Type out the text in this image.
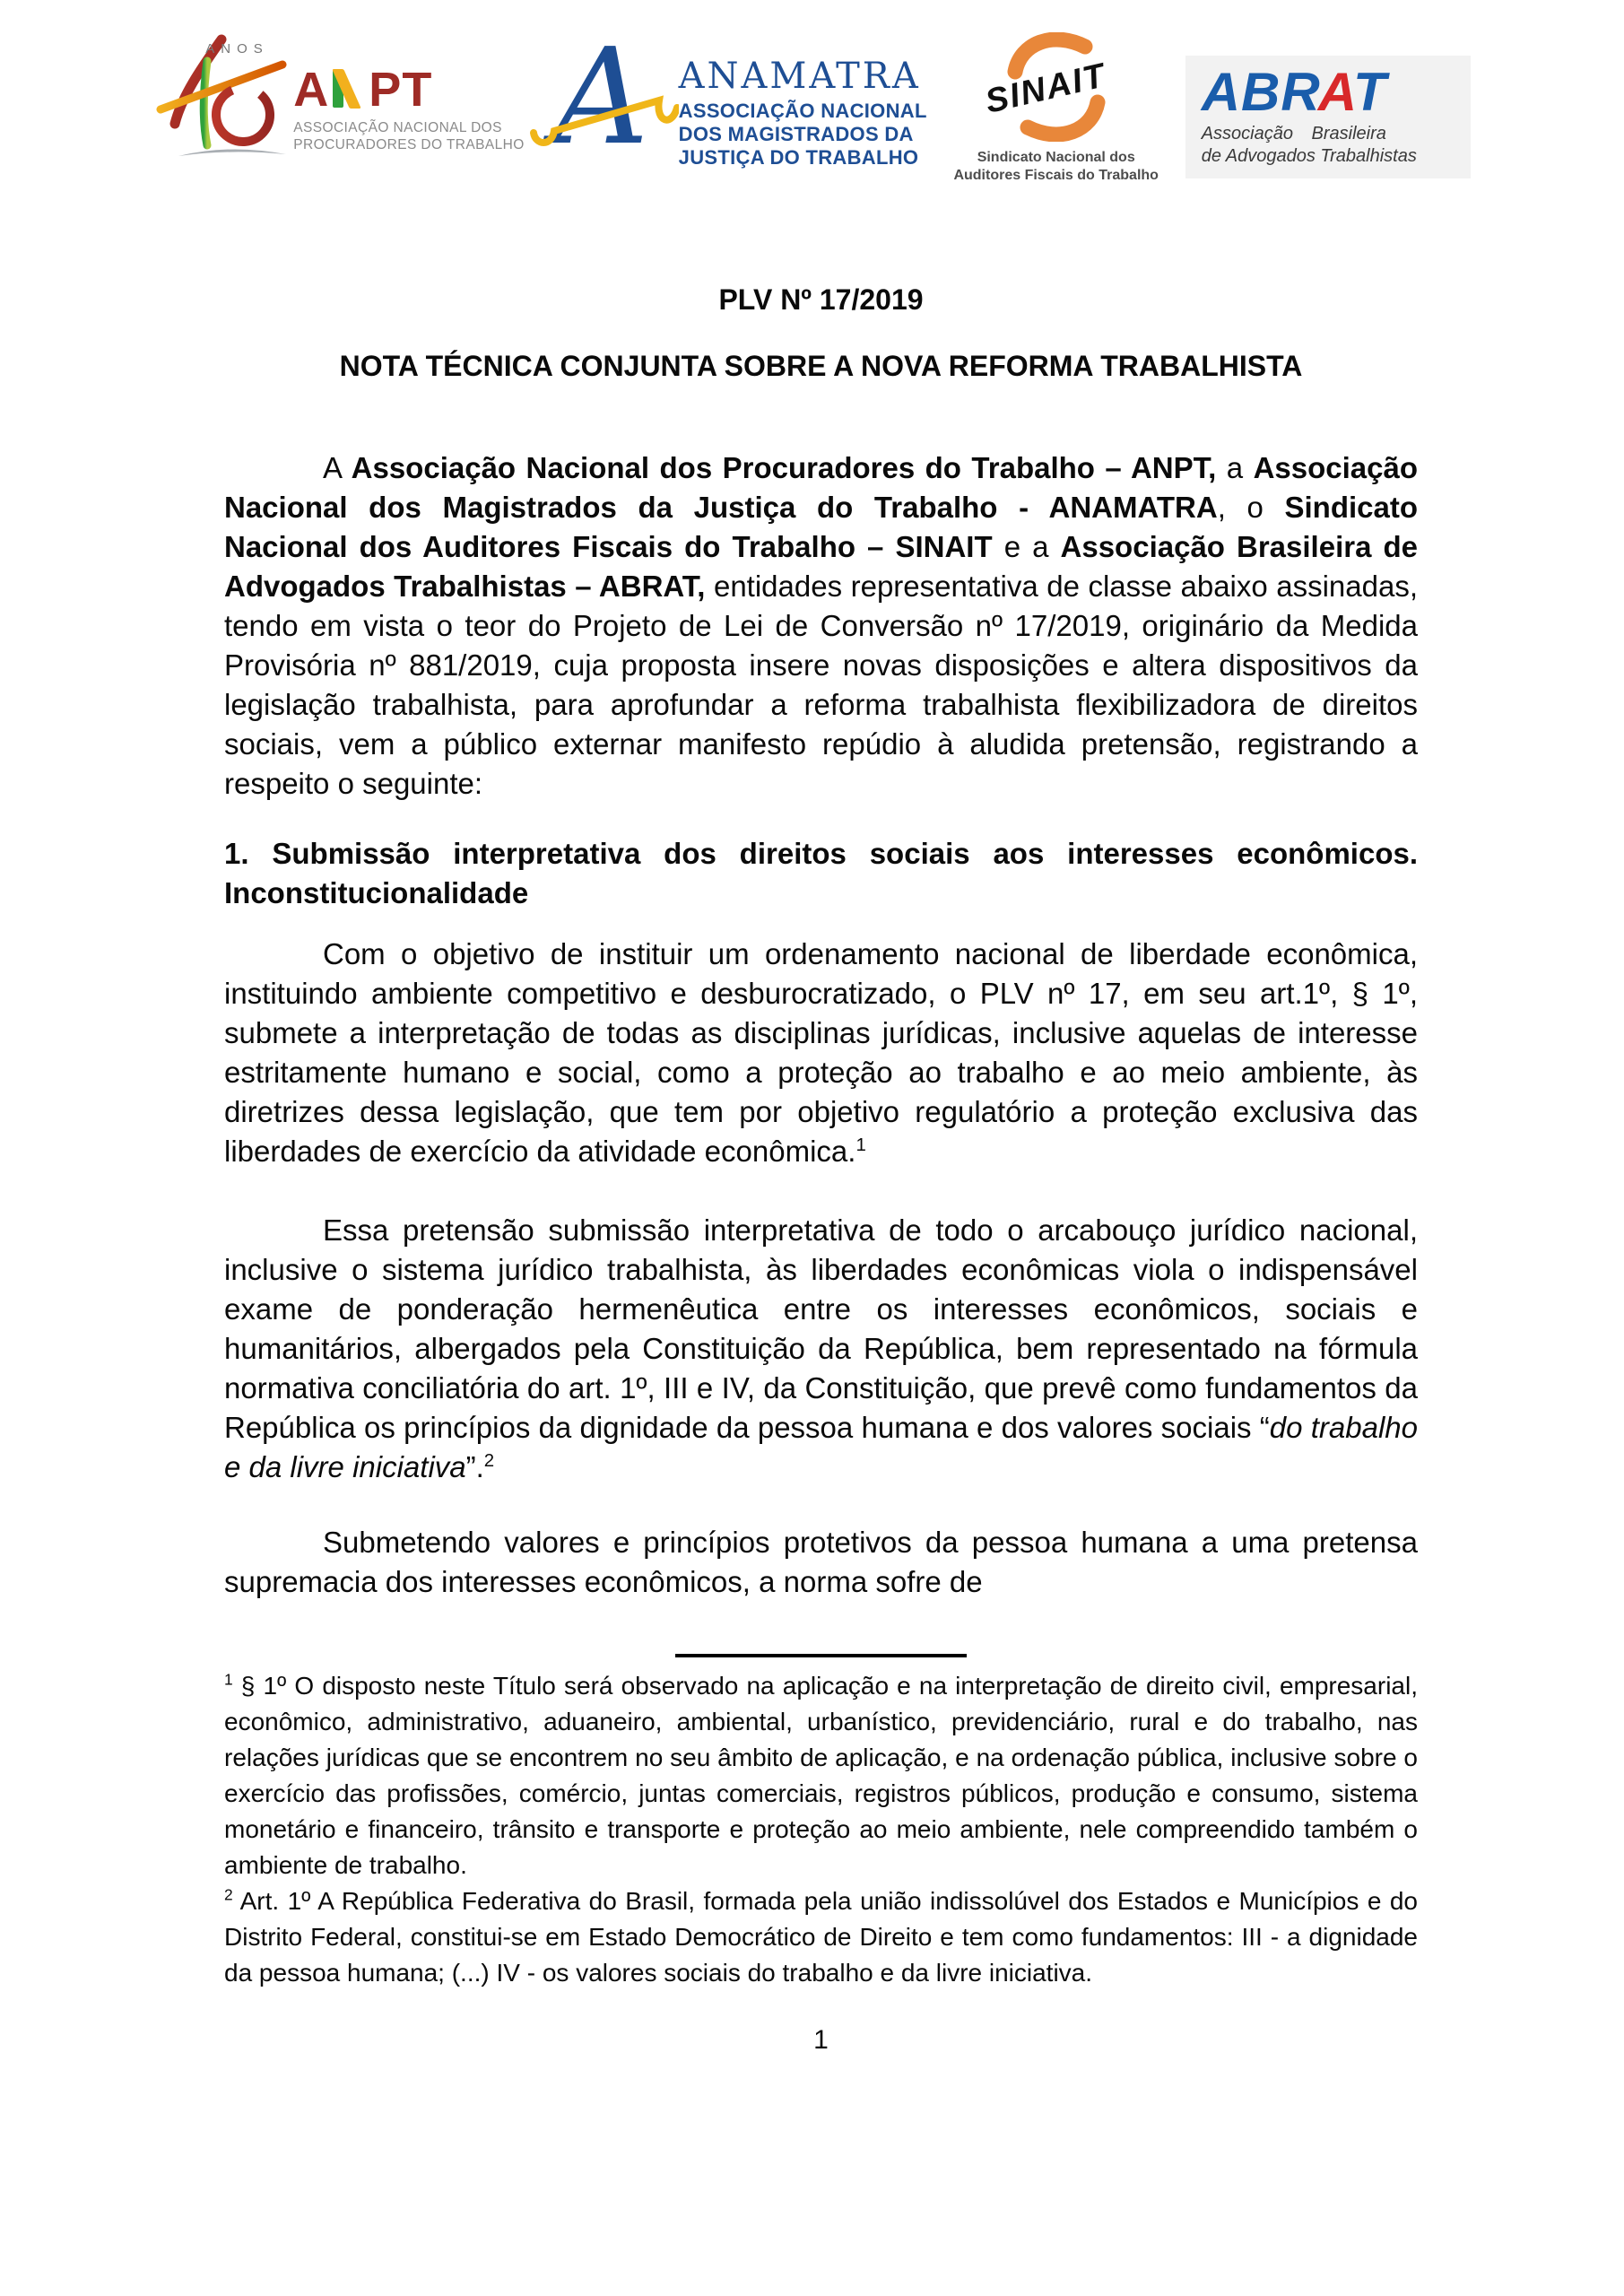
ANOS
A PT
ASSOCIAÇÃO NACIONAL DOS
PROCURADORES DO TRABALHO A ANAMATRA
ASSOCIAÇÃO NACIONAL
DOS MAGISTRADOS DA
JUSTIÇA DO TRABALHO
SINAIT
Sindicato Nacional dos
Auditores Fiscais do Trabalho
ABRAT
Associação Brasileira
de Advogados Trabalhistas

PLV Nº 17/2019

NOTA TÉCNICA CONJUNTA SOBRE A NOVA REFORMA TRABALHISTA

A Associação Nacional dos Procuradores do Trabalho – ANPT, a Associação Nacional dos Magistrados da Justiça do Trabalho - ANAMATRA, o Sindicato Nacional dos Auditores Fiscais do Trabalho – SINAIT e a Associação Brasileira de Advogados Trabalhistas – ABRAT, entidades representativa de classe abaixo assinadas, tendo em vista o teor do Projeto de Lei de Conversão nº 17/2019, originário da Medida Provisória nº 881/2019, cuja proposta insere novas disposições e altera dispositivos da legislação trabalhista, para aprofundar a reforma trabalhista flexibilizadora de direitos sociais, vem a público externar manifesto repúdio à aludida pretensão, registrando a respeito o seguinte:

1. Submissão interpretativa dos direitos sociais aos interesses econômicos. Inconstitucionalidade

Com o objetivo de instituir um ordenamento nacional de liberdade econômica, instituindo ambiente competitivo e desburocratizado, o PLV nº 17, em seu art.1º, § 1º, submete a interpretação de todas as disciplinas jurídicas, inclusive aquelas de interesse estritamente humano e social, como a proteção ao trabalho e ao meio ambiente, às diretrizes dessa legislação, que tem por objetivo regulatório a proteção exclusiva das liberdades de exercício da atividade econômica.$^1$

Essa pretensão submissão interpretativa de todo o arcabouço jurídico nacional, inclusive o sistema jurídico trabalhista, às liberdades econômicas viola o indispensável exame de ponderação hermenêutica entre os interesses econômicos, sociais e humanitários, albergados pela Constituição da República, bem representado na fórmula normativa conciliatória do art. 1º, III e IV, da Constituição, que prevê como fundamentos da República os princípios da dignidade da pessoa humana e dos valores sociais “do trabalho e da livre iniciativa”.$^2$

Submetendo valores e princípios protetivos da pessoa humana a uma pretensa supremacia dos interesses econômicos, a norma sofre de

$^1$ § 1º O disposto neste Título será observado na aplicação e na interpretação de direito civil, empresarial, econômico, administrativo, aduaneiro, ambiental, urbanístico, previdenciário, rural e do trabalho, nas relações jurídicas que se encontrem no seu âmbito de aplicação, e na ordenação pública, inclusive sobre o exercício das profissões, comércio, juntas comerciais, registros públicos, produção e consumo, sistema monetário e financeiro, trânsito e transporte e proteção ao meio ambiente, nele compreendido também o ambiente de trabalho.

$^2$ Art. 1º A República Federativa do Brasil, formada pela união indissolúvel dos Estados e Municípios e do Distrito Federal, constitui-se em Estado Democrático de Direito e tem como fundamentos: III - a dignidade da pessoa humana; (...) IV - os valores sociais do trabalho e da livre iniciativa.

1
